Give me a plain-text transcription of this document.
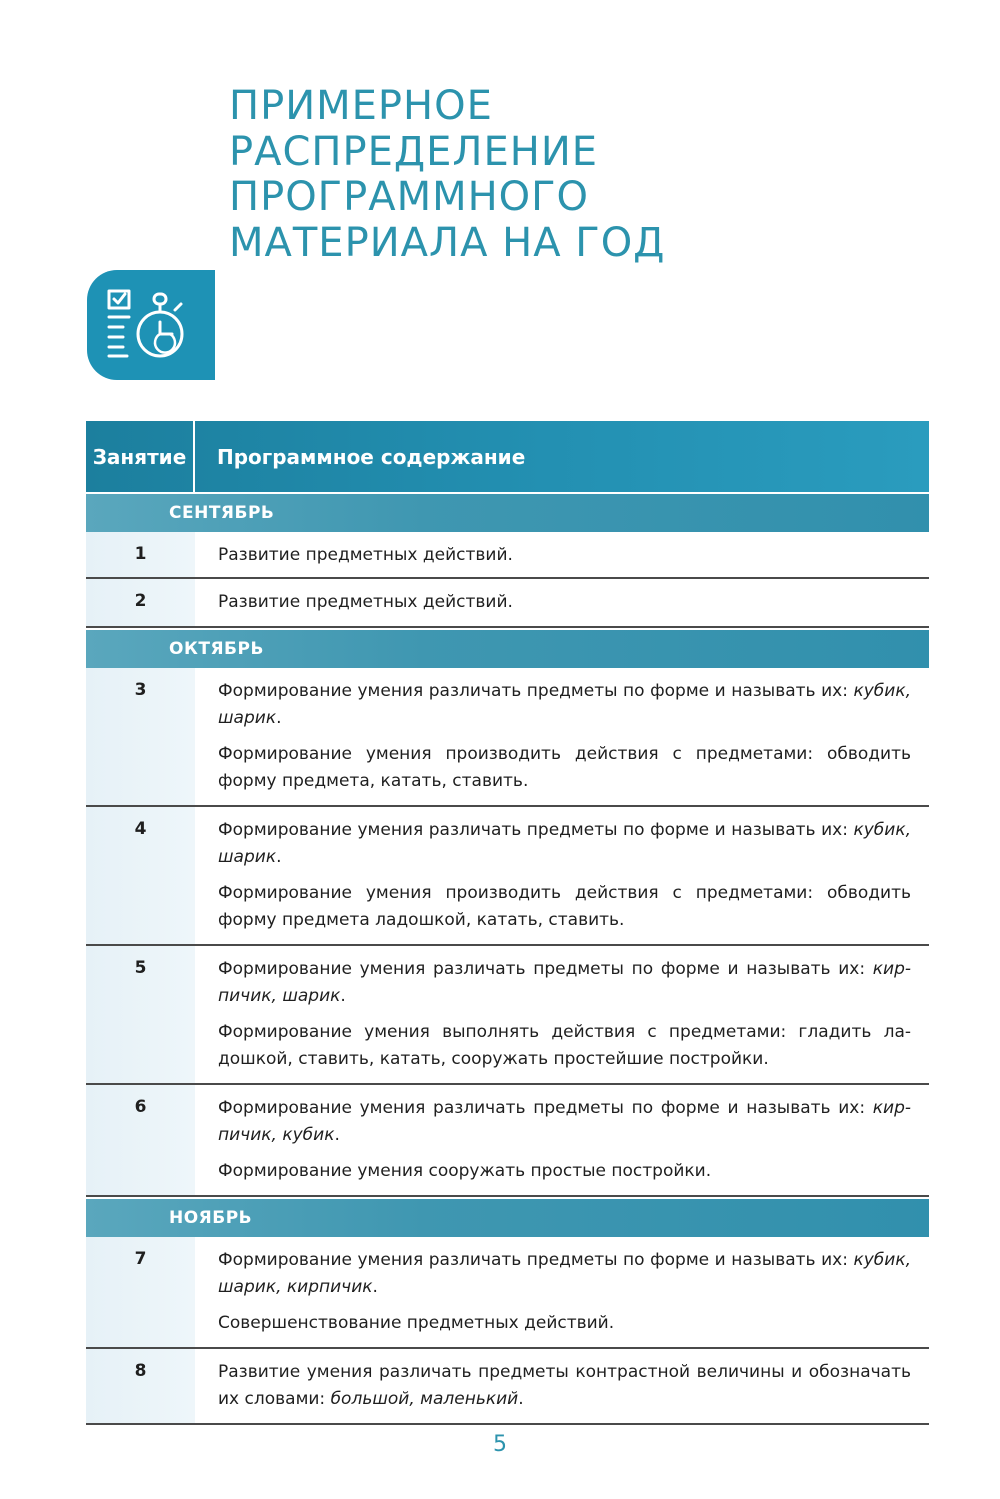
ПРИМЕРНОЕ
РАСПРЕДЕЛЕНИЕ
ПРОГРАММНОГО
МАТЕРИАЛА НА ГОД
Занятие	Программное содержание
СЕНТЯБРЬ
1	Развитие предметных действий.

2	Развитие предметных действий.

ОКТЯБРЬ
3	Формирование умения различать предметы по форме и называть их: кубик, шарик.

Формирование умения производить действия с предметами: обводить форму предмета, катать, ставить.

4	Формирование умения различать предметы по форме и называть их: кубик, шарик.

Формирование умения производить действия с предметами: обводить форму предмета ладошкой, катать, ставить.

5	Формирование умения различать предметы по форме и называть их: кирпичик, шарик.

Формирование умения выполнять действия с предметами: гладить ладошкой, ставить, катать, сооружать простейшие постройки.

6	Формирование умения различать предметы по форме и называть их: кирпичик, кубик.

Формирование умения сооружать простые постройки.

НОЯБРЬ
7	Формирование умения различать предметы по форме и называть их: кубик, шарик, кирпичик.

Совершенствование предметных действий.

8	Развитие умения различать предметы контрастной величины и обозначать их словами: большой, маленький.

5
